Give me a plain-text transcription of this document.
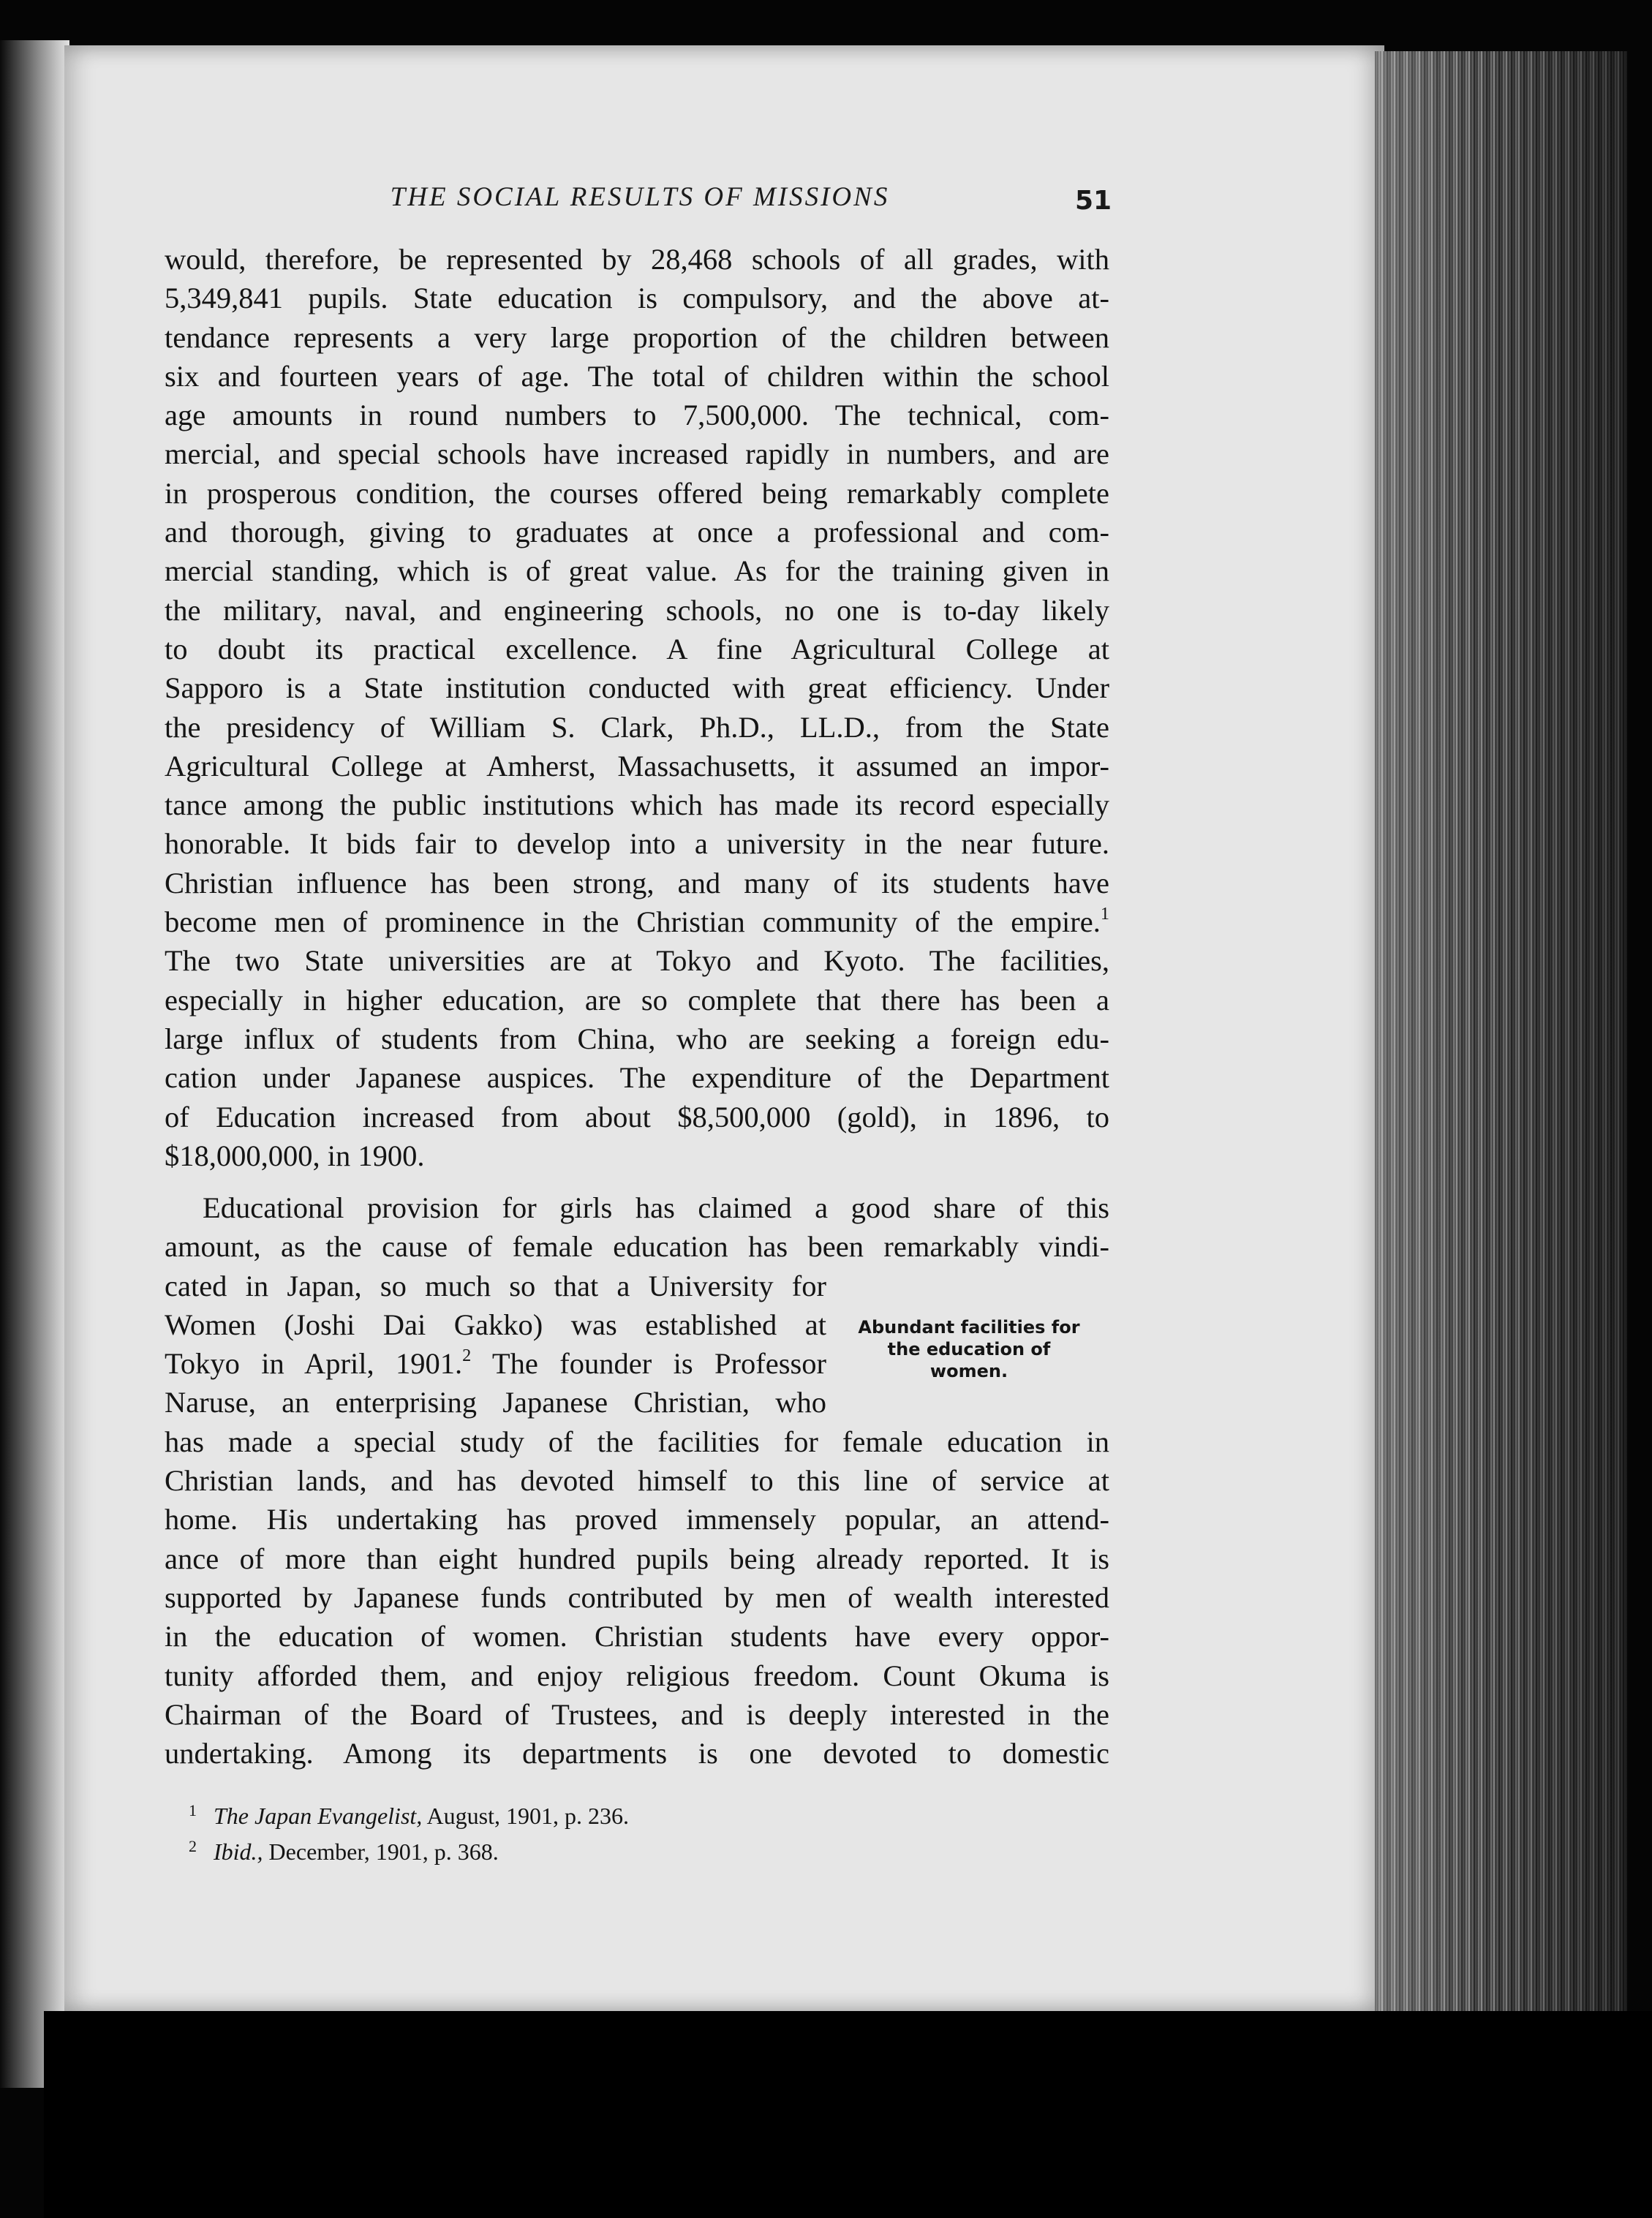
THE SOCIAL RESULTS OF MISSIONS	51
would, therefore, be represented by 28,468 schools of all grades, with
5,349,841 pupils. State education is compulsory, and the above at-
tendance represents a very large proportion of the children between
six and fourteen years of age. The total of children within the school
age amounts in round numbers to 7,500,000. The technical, com-
mercial, and special schools have increased rapidly in numbers, and are
in prosperous condition, the courses offered being remarkably complete
and thorough, giving to graduates at once a professional and com-
mercial standing, which is of great value. As for the training given in
the military, naval, and engineering schools, no one is to-day likely
to doubt its practical excellence. A fine Agricultural College at
Sapporo is a State institution conducted with great efficiency. Under
the presidency of William S. Clark, Ph.D., LL.D., from the State
Agricultural College at Amherst, Massachusetts, it assumed an impor-
tance among the public institutions which has made its record especially
honorable. It bids fair to develop into a university in the near future.
Christian influence has been strong, and many of its students have
become men of prominence in the Christian community of the empire.$^1$
The two State universities are at Tokyo and Kyoto. The facilities,
especially in higher education, are so complete that there has been a
large influx of students from China, who are seeking a foreign edu-
cation under Japanese auspices. The expenditure of the Department
of Education increased from about $8,500,000 (gold), in 1896, to
$18,000,000, in 1900.
Educational provision for girls has claimed a good share of this
amount, as the cause of female education has been remarkably vindi-
cated in Japan, so much so that a University for
Women (Joshi Dai Gakko) was established at
Tokyo in April, 1901.$^2$ The founder is Professor
Naruse, an enterprising Japanese Christian, who
has made a special study of the facilities for female education in
Christian lands, and has devoted himself to this line of service at
home. His undertaking has proved immensely popular, an attend-
ance of more than eight hundred pupils being already reported. It is
supported by Japanese funds contributed by men of wealth interested
in the education of women. Christian students have every oppor-
tunity afforded them, and enjoy religious freedom. Count Okuma is
Chairman of the Board of Trustees, and is deeply interested in the
undertaking. Among its departments is one devoted to domestic
Abundant facilities for
the education of
women.
1 The Japan Evangelist, August, 1901, p. 236.
2 Ibid., December, 1901, p. 368.
